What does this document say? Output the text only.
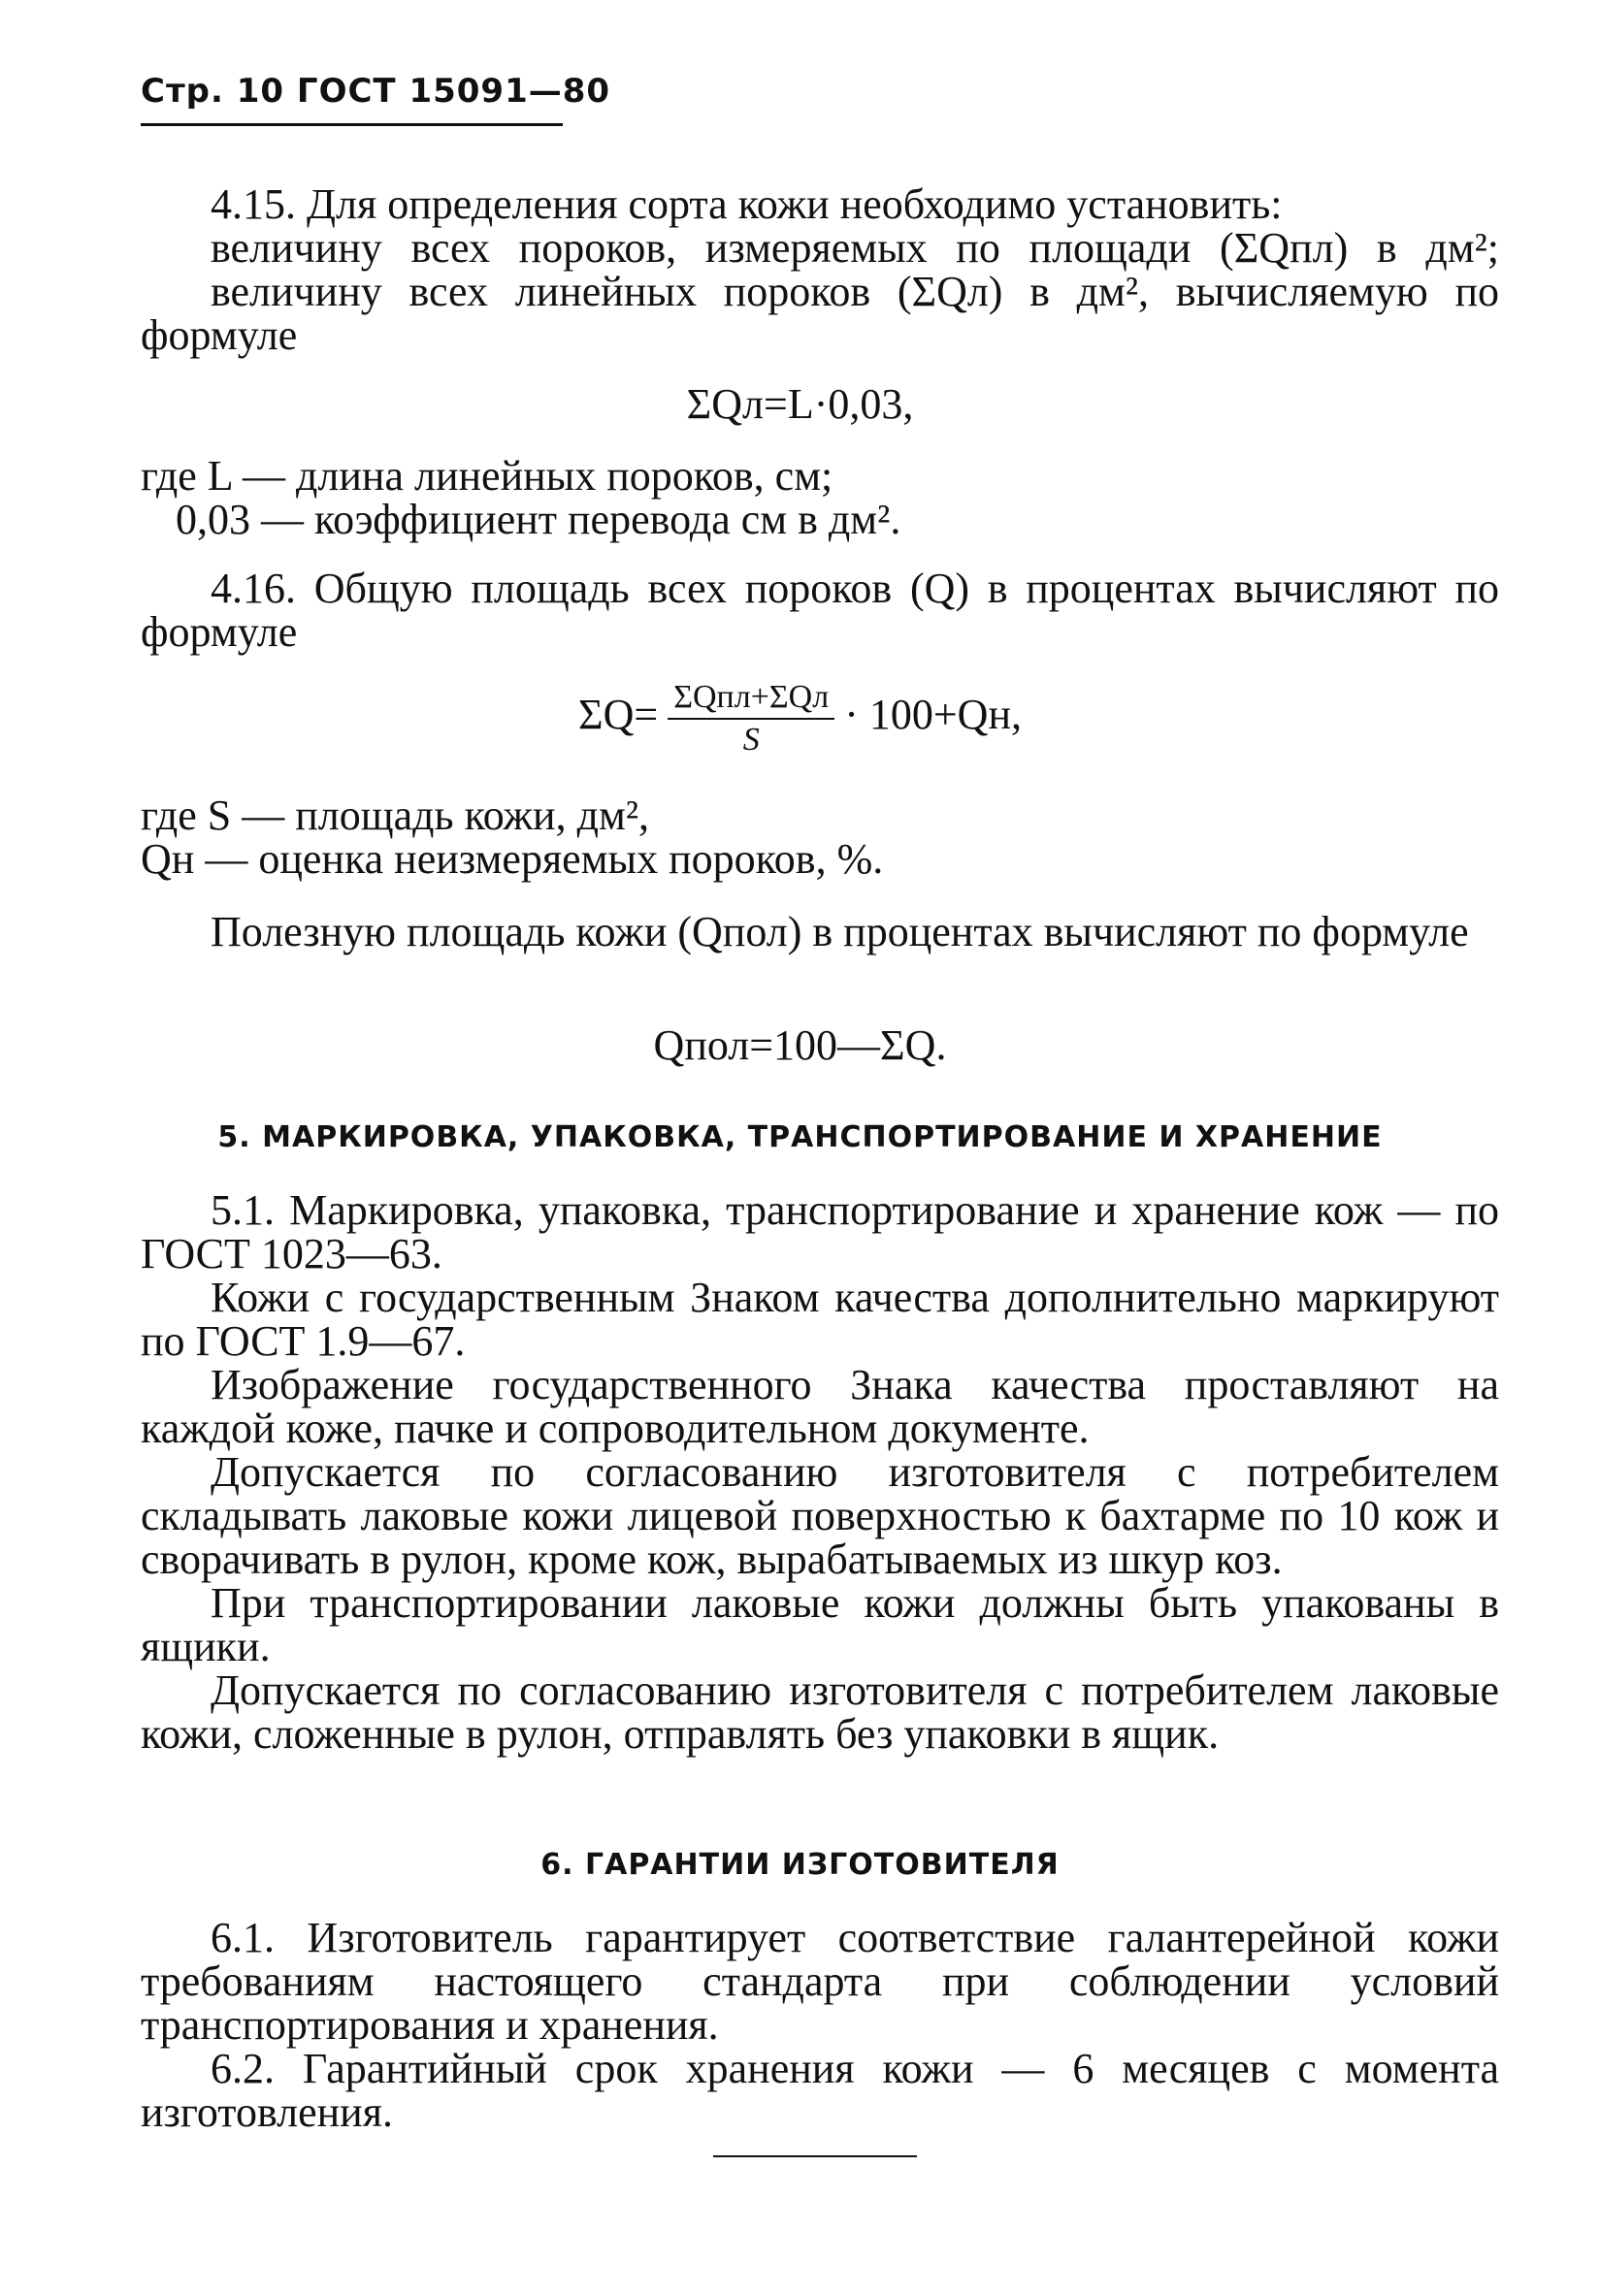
Стр. 10 ГОСТ 15091—80

4.15. Для определения сорта кожи необходимо установить:

величину всех пороков, измеряемых по площади (ΣQпл) в дм²;

величину всех линейных пороков (ΣQл) в дм², вычисляемую по формуле

ΣQл=L·0,03,

где L — длина линейных пороков, см;

0,03 — коэффициент перевода см в дм².

4.16. Общую площадь всех пороков (Q) в процентах вычисляют по формуле

$\Sigma Q= \frac{\text{ΣQпл+ΣQл}}{S} \cdot 100+Qн$,

где S — площадь кожи, дм²,

Qн — оценка неизмеряемых пороков, %.

Полезную площадь кожи (Qпол) в процентах вычисляют по формуле

Qпол=100—ΣQ.
5. МАРКИРОВКА, УПАКОВКА, ТРАНСПОРТИРОВАНИЕ И ХРАНЕНИЕ

5.1. Маркировка, упаковка, транспортирование и хранение кож — по ГОСТ 1023—63.

Кожи с государственным Знаком качества дополнительно маркируют по ГОСТ 1.9—67.

Изображение государственного Знака качества проставляют на каждой коже, пачке и сопроводительном документе.

Допускается по согласованию изготовителя с потребителем складывать лаковые кожи лицевой поверхностью к бахтарме по 10 кож и сворачивать в рулон, кроме кож, вырабатываемых из шкур коз.

При транспортировании лаковые кожи должны быть упакованы в ящики.

Допускается по согласованию изготовителя с потребителем лаковые кожи, сложенные в рулон, отправлять без упаковки в ящик.

6. ГАРАНТИИ ИЗГОТОВИТЕЛЯ

6.1. Изготовитель гарантирует соответствие галантерейной кожи требованиям настоящего стандарта при соблюдении условий транспортирования и хранения.

6.2. Гарантийный срок хранения кожи — 6 месяцев с момента изготовления.
